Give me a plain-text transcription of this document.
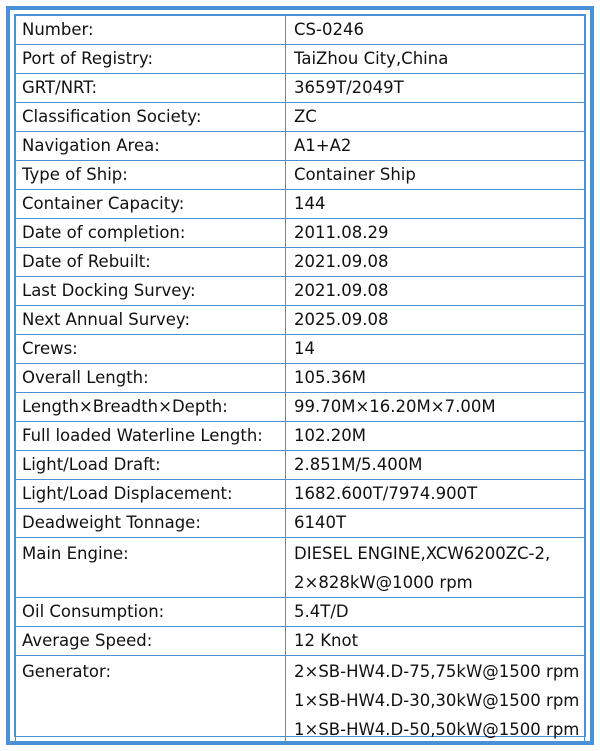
Number:	CS-0246
Port of Registry:	TaiZhou City,China
GRT/NRT:	3659T/2049T
Classification Society:	ZC
Navigation Area:	A1+A2
Type of Ship:	Container Ship
Container Capacity:	144
Date of completion:	2011.08.29
Date of Rebuilt:	2021.09.08
Last Docking Survey:	2021.09.08
Next Annual Survey:	2025.09.08
Crews:	14
Overall Length:	105.36M
Length×Breadth×Depth:	99.70M×16.20M×7.00M
Full loaded Waterline Length:	102.20M
Light/Load Draft:	2.851M/5.400M
Light/Load Displacement:	1682.600T/7974.900T
Deadweight Tonnage:	6140T

Main Engine:	DIESEL ENGINE,XCW6200ZC-2,
2×828kW@1000 rpm

Oil Consumption:	5.4T/D
Average Speed:	12 Knot

Generator:	2×SB-HW4.D-75,75kW@1500 rpm
1×SB-HW4.D-30,30kW@1500 rpm
1×SB-HW4.D-50,50kW@1500 rpm
